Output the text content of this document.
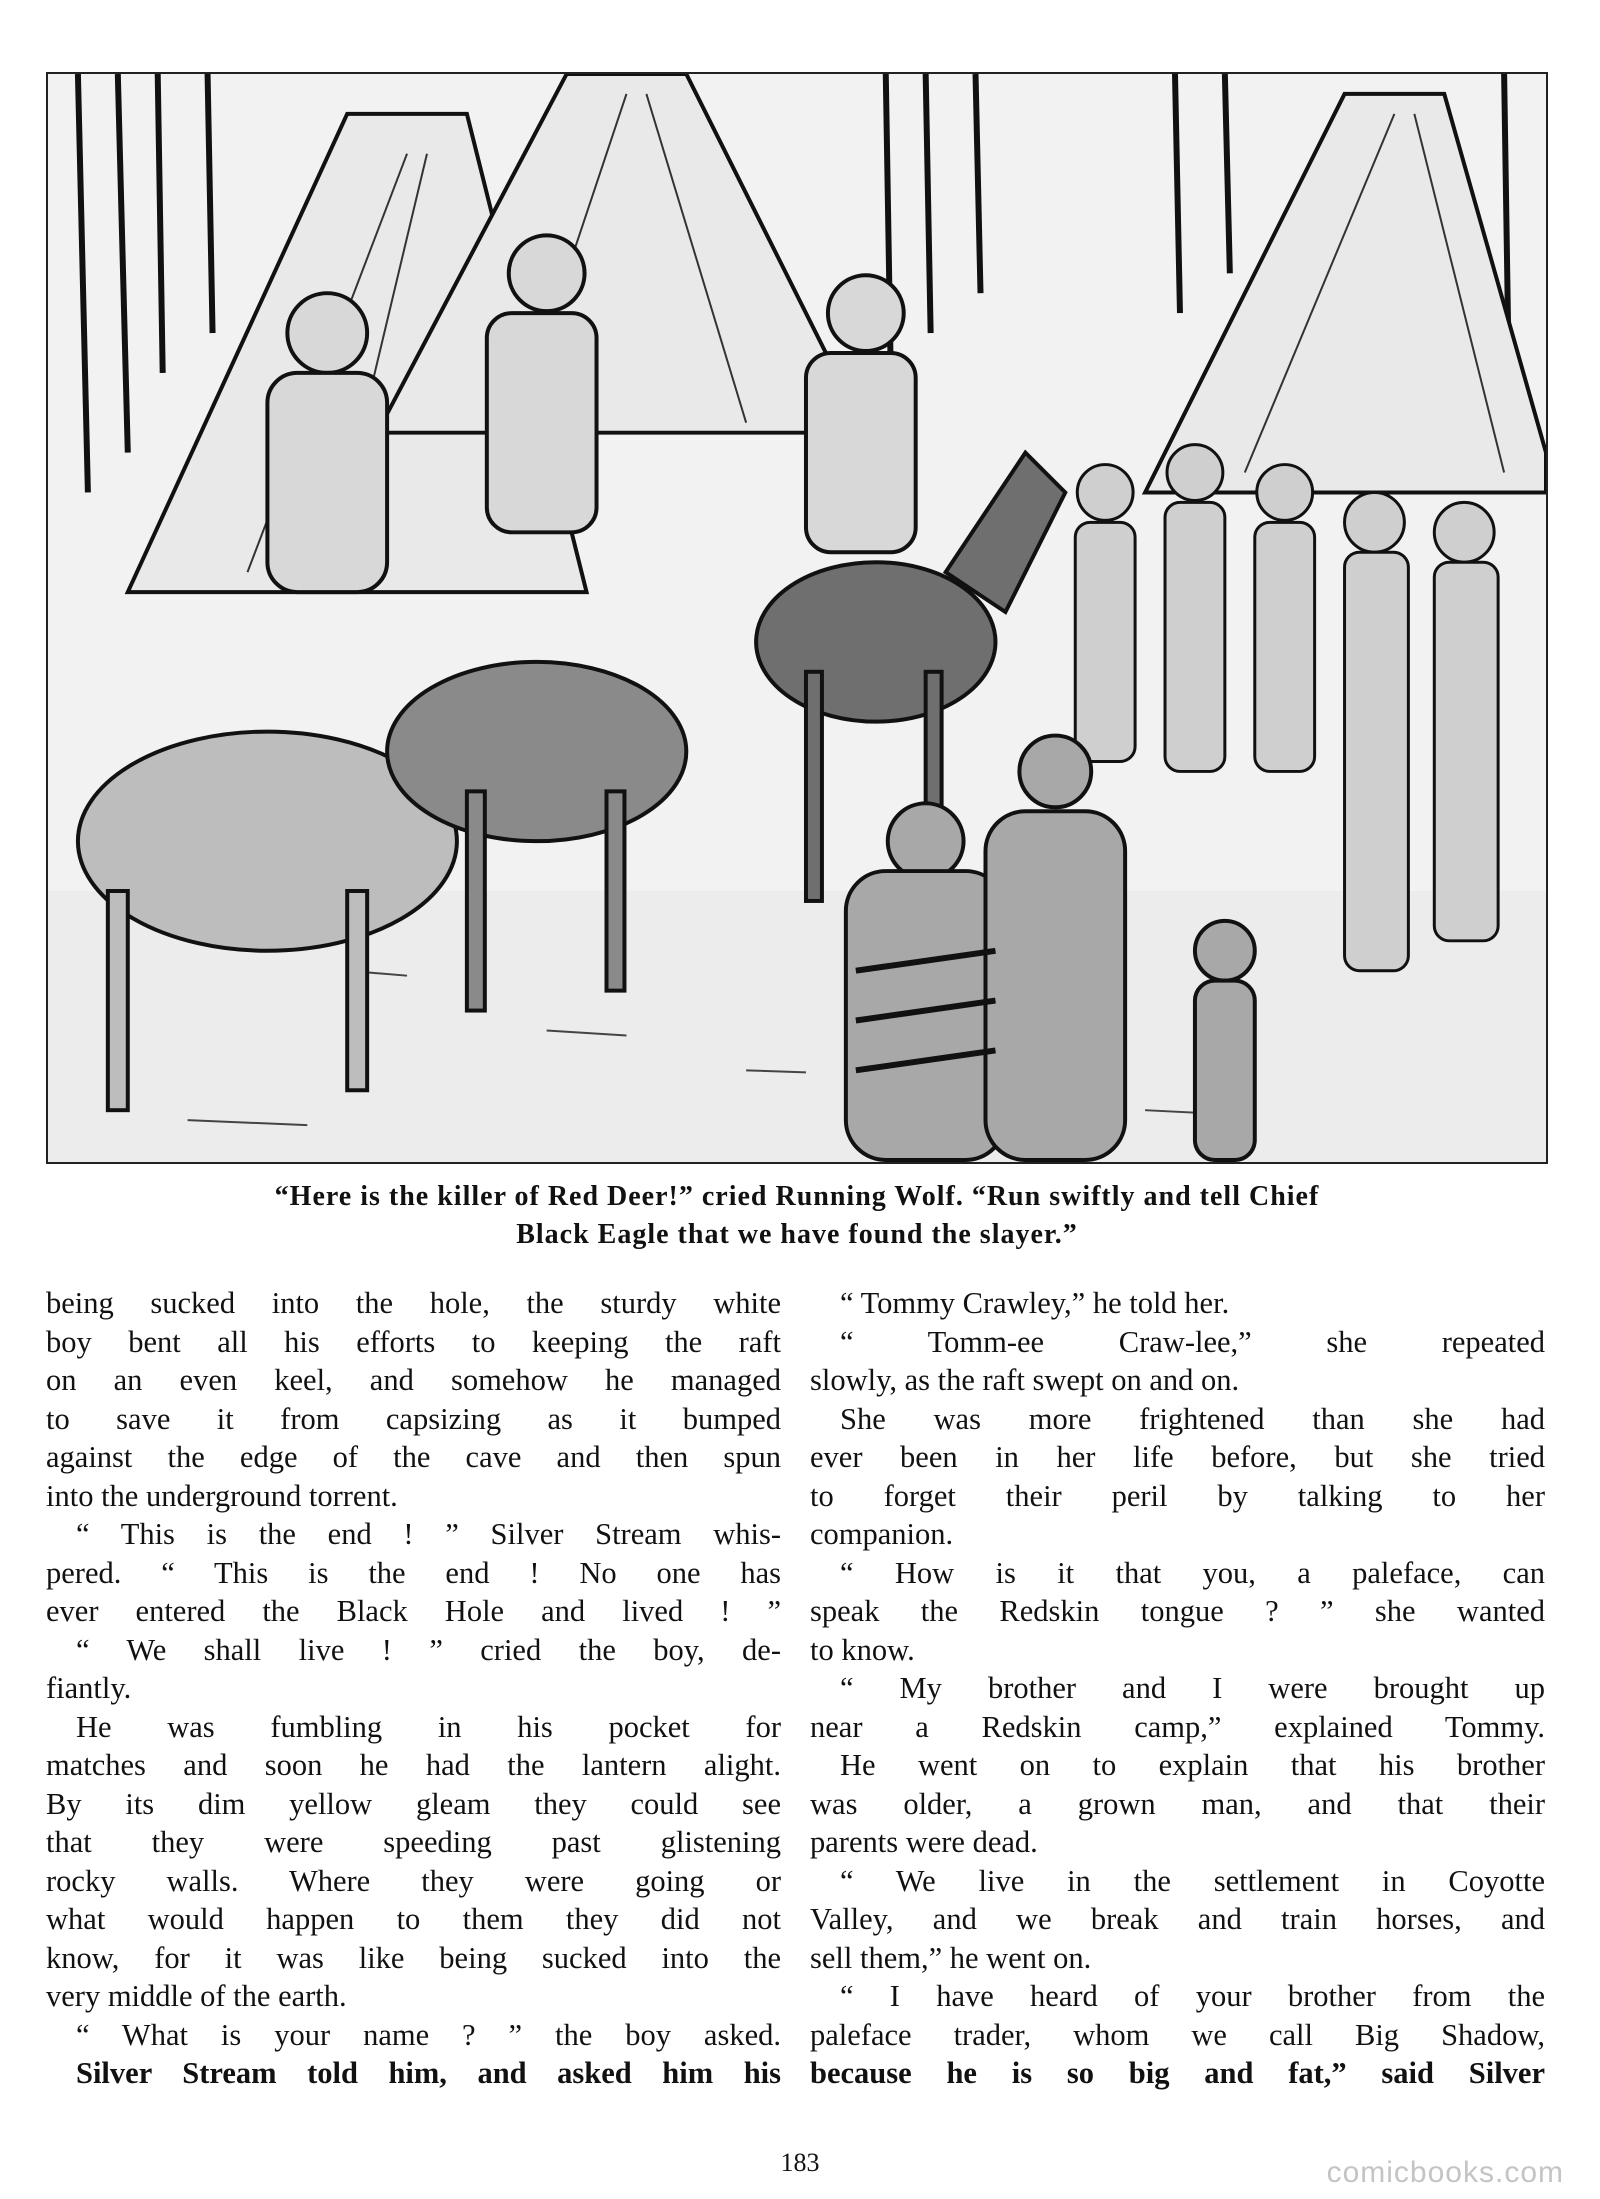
“Here is the killer of Red Deer!” cried Running Wolf. “Run swiftly and tell Chief
Black Eagle that we have found the slayer.”
being sucked into the hole, the sturdy white
boy bent all his efforts to keeping the raft
on an even keel, and somehow he managed
to save it from capsizing as it bumped
against the edge of the cave and then spun
into the underground torrent.
“ This is the end ! ” Silver Stream whis-
pered. “ This is the end ! No one has
ever entered the Black Hole and lived ! ”
“ We shall live ! ” cried the boy, de-
fiantly.
He was fumbling in his pocket for
matches and soon he had the lantern alight.
By its dim yellow gleam they could see
that they were speeding past glistening
rocky walls. Where they were going or
what would happen to them they did not
know, for it was like being sucked into the
very middle of the earth.
“ What is your name ? ” the boy asked.
Silver Stream told him, and asked him his
“ Tommy Crawley,” he told her.
“ Tomm-ee Craw-lee,” she repeated
slowly, as the raft swept on and on.
She was more frightened than she had
ever been in her life before, but she tried
to forget their peril by talking to her
companion.
“ How is it that you, a paleface, can
speak the Redskin tongue ? ” she wanted
to know.
“ My brother and I were brought up
near a Redskin camp,” explained Tommy.
He went on to explain that his brother
was older, a grown man, and that their
parents were dead.
“ We live in the settlement in Coyotte
Valley, and we break and train horses, and
sell them,” he went on.
“ I have heard of your brother from the
paleface trader, whom we call Big Shadow,
because he is so big and fat,” said Silver
183	comicbooks.com
